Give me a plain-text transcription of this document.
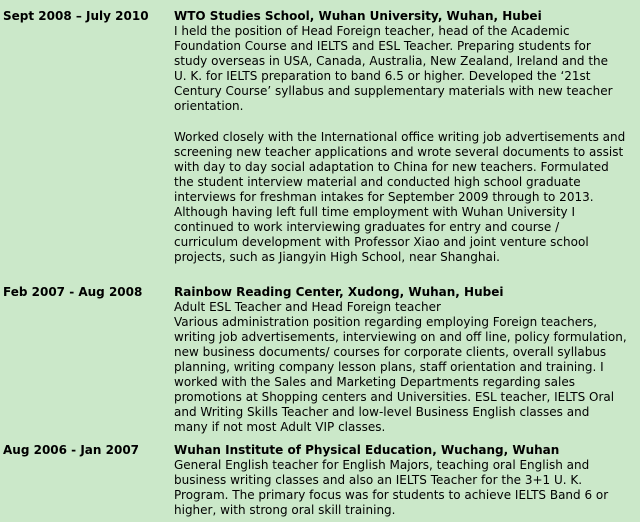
Sept 2008 – July 2010	WTO Studies School, Wuhan University, Wuhan, Hubei
I held the position of Head Foreign teacher, head of the Academic
Foundation Course and IELTS and ESL Teacher. Preparing students for
study overseas in USA, Canada, Australia, New Zealand, Ireland and the
U. K. for IELTS preparation to band 6.5 or higher. Developed the ‘21st
Century Course’ syllabus and supplementary materials with new teacher
orientation.
Worked closely with the International office writing job advertisements and
screening new teacher applications and wrote several documents to assist
with day to day social adaptation to China for new teachers. Formulated
the student interview material and conducted high school graduate
interviews for freshman intakes for September 2009 through to 2013.
Although having left full time employment with Wuhan University I
continued to work interviewing graduates for entry and course /
curriculum development with Professor Xiao and joint venture school
projects, such as Jiangyin High School, near Shanghai.
Feb 2007 - Aug 2008	Rainbow Reading Center, Xudong, Wuhan, Hubei
Adult ESL Teacher and Head Foreign teacher
Various administration position regarding employing Foreign teachers,
writing job advertisements, interviewing on and off line, policy formulation,
new business documents/ courses for corporate clients, overall syllabus
planning, writing company lesson plans, staff orientation and training. I
worked with the Sales and Marketing Departments regarding sales
promotions at Shopping centers and Universities. ESL teacher, IELTS Oral
and Writing Skills Teacher and low-level Business English classes and
many if not most Adult VIP classes.
Aug 2006 - Jan 2007	Wuhan Institute of Physical Education, Wuchang, Wuhan
General English teacher for English Majors, teaching oral English and
business writing classes and also an IELTS Teacher for the 3+1 U. K.
Program. The primary focus was for students to achieve IELTS Band 6 or
higher, with strong oral skill training.
